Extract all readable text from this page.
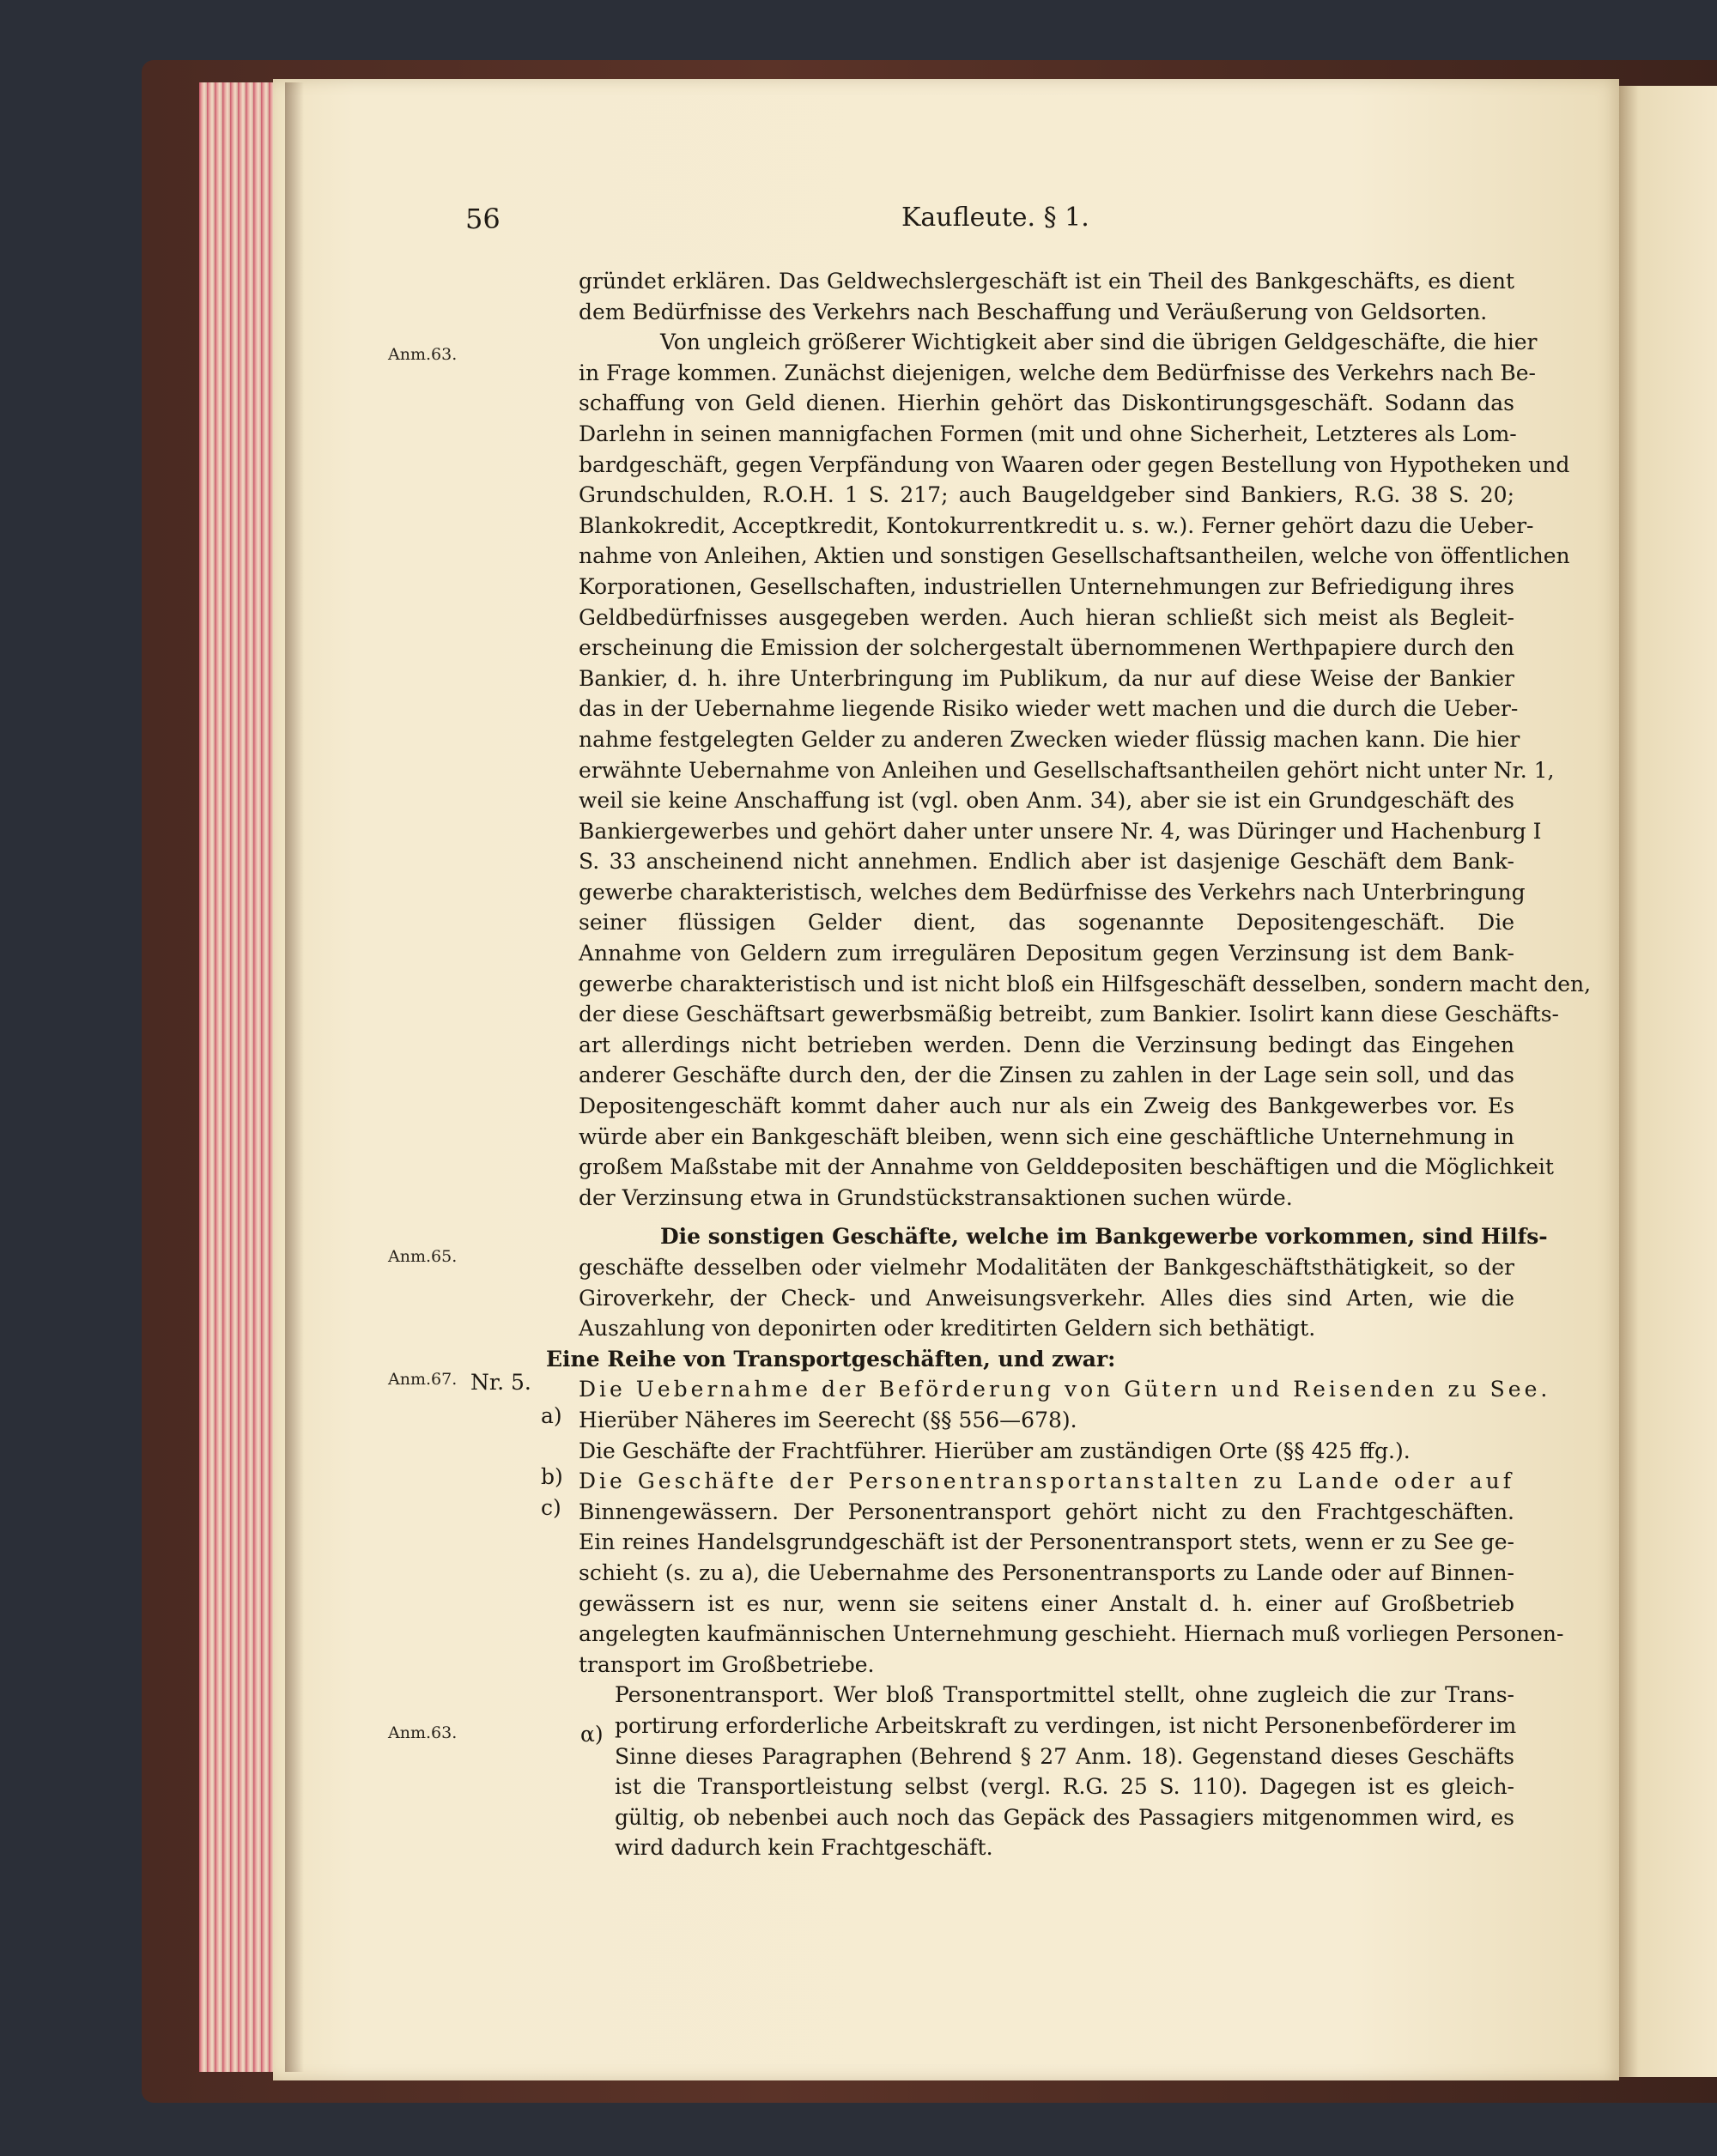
56	Kaufleute. § 1.
Anm.63.
Anm.65.
Anm.67.
Anm.63.
Nr. 5.
a)
b)
c)
α)
gründet erklären. Das Geldwechslergeschäft ist ein Theil des Bankgeschäfts, es dient
dem Bedürfnisse des Verkehrs nach Beschaffung und Veräußerung von Geldsorten.
Von ungleich größerer Wichtigkeit aber sind die übrigen Geldgeschäfte, die hier
in Frage kommen. Zunächst diejenigen, welche dem Bedürfnisse des Verkehrs nach Be-
schaffung von Geld dienen. Hierhin gehört das Diskontirungsgeschäft. Sodann das
Darlehn in seinen mannigfachen Formen (mit und ohne Sicherheit, Letzteres als Lom-
bardgeschäft, gegen Verpfändung von Waaren oder gegen Bestellung von Hypotheken und
Grundschulden, R.O.H. 1 S. 217; auch Baugeldgeber sind Bankiers, R.G. 38 S. 20;
Blankokredit, Acceptkredit, Kontokurrentkredit u. s. w.). Ferner gehört dazu die Ueber-
nahme von Anleihen, Aktien und sonstigen Gesellschaftsantheilen, welche von öffentlichen
Korporationen, Gesellschaften, industriellen Unternehmungen zur Befriedigung ihres
Geldbedürfnisses ausgegeben werden. Auch hieran schließt sich meist als Begleit-
erscheinung die Emission der solchergestalt übernommenen Werthpapiere durch den
Bankier, d. h. ihre Unterbringung im Publikum, da nur auf diese Weise der Bankier
das in der Uebernahme liegende Risiko wieder wett machen und die durch die Ueber-
nahme festgelegten Gelder zu anderen Zwecken wieder flüssig machen kann. Die hier
erwähnte Uebernahme von Anleihen und Gesellschaftsantheilen gehört nicht unter Nr. 1,
weil sie keine Anschaffung ist (vgl. oben Anm. 34), aber sie ist ein Grundgeschäft des
Bankiergewerbes und gehört daher unter unsere Nr. 4, was Düringer und Hachenburg I
S. 33 anscheinend nicht annehmen. Endlich aber ist dasjenige Geschäft dem Bank-
gewerbe charakteristisch, welches dem Bedürfnisse des Verkehrs nach Unterbringung
seiner flüssigen Gelder dient, das sogenannte Depositengeschäft. Die
Annahme von Geldern zum irregulären Depositum gegen Verzinsung ist dem Bank-
gewerbe charakteristisch und ist nicht bloß ein Hilfsgeschäft desselben, sondern macht den,
der diese Geschäftsart gewerbsmäßig betreibt, zum Bankier. Isolirt kann diese Geschäfts-
art allerdings nicht betrieben werden. Denn die Verzinsung bedingt das Eingehen
anderer Geschäfte durch den, der die Zinsen zu zahlen in der Lage sein soll, und das
Depositengeschäft kommt daher auch nur als ein Zweig des Bankgewerbes vor. Es
würde aber ein Bankgeschäft bleiben, wenn sich eine geschäftliche Unternehmung in
großem Maßstabe mit der Annahme von Gelddepositen beschäftigen und die Möglichkeit
der Verzinsung etwa in Grundstückstransaktionen suchen würde.
Die sonstigen Geschäfte, welche im Bankgewerbe vorkommen, sind Hilfs-
geschäfte desselben oder vielmehr Modalitäten der Bankgeschäftsthätigkeit, so der
Giroverkehr, der Check- und Anweisungsverkehr. Alles dies sind Arten, wie die
Auszahlung von deponirten oder kreditirten Geldern sich bethätigt.
Eine Reihe von Transportgeschäften, und zwar:
Die Uebernahme der Beförderung von Gütern und Reisenden zu See.
Hierüber Näheres im Seerecht (§§ 556—678).
Die Geschäfte der Frachtführer. Hierüber am zuständigen Orte (§§ 425 ffg.).
Die Geschäfte der Personentransportanstalten zu Lande oder auf
Binnengewässern. Der Personentransport gehört nicht zu den Frachtgeschäften.
Ein reines Handelsgrundgeschäft ist der Personentransport stets, wenn er zu See ge-
schieht (s. zu a), die Uebernahme des Personentransports zu Lande oder auf Binnen-
gewässern ist es nur, wenn sie seitens einer Anstalt d. h. einer auf Großbetrieb
angelegten kaufmännischen Unternehmung geschieht. Hiernach muß vorliegen Personen-
transport im Großbetriebe.
Personentransport. Wer bloß Transportmittel stellt, ohne zugleich die zur Trans-
portirung erforderliche Arbeitskraft zu verdingen, ist nicht Personenbeförderer im
Sinne dieses Paragraphen (Behrend § 27 Anm. 18). Gegenstand dieses Geschäfts
ist die Transportleistung selbst (vergl. R.G. 25 S. 110). Dagegen ist es gleich-
gültig, ob nebenbei auch noch das Gepäck des Passagiers mitgenommen wird, es
wird dadurch kein Frachtgeschäft.
